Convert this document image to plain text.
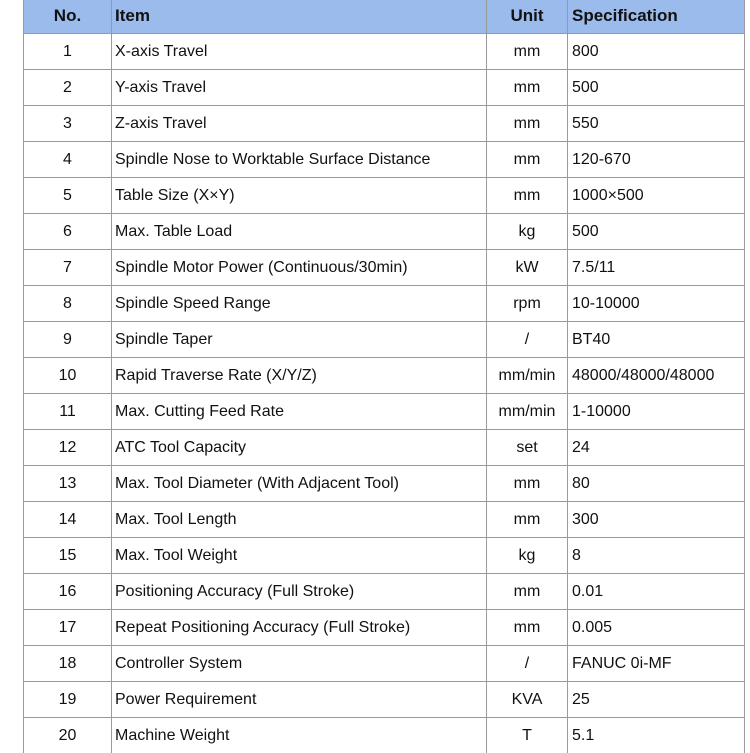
No.	Item	Unit	Specification
1	X-axis Travel	mm	800
2	Y-axis Travel	mm	500
3	Z-axis Travel	mm	550
4	Spindle Nose to Worktable Surface Distance	mm	120-670
5	Table Size (X×Y)	mm	1000×500
6	Max. Table Load	kg	500
7	Spindle Motor Power (Continuous/30min)	kW	7.5/11
8	Spindle Speed Range	rpm	10-10000
9	Spindle Taper	/	BT40
10	Rapid Traverse Rate (X/Y/Z)	mm/min	48000/48000/48000
11	Max. Cutting Feed Rate	mm/min	1-10000
12	ATC Tool Capacity	set	24
13	Max. Tool Diameter (With Adjacent Tool)	mm	80
14	Max. Tool Length	mm	300
15	Max. Tool Weight	kg	8
16	Positioning Accuracy (Full Stroke)	mm	0.01
17	Repeat Positioning Accuracy (Full Stroke)	mm	0.005
18	Controller System	/	FANUC 0i-MF
19	Power Requirement	KVA	25
20	Machine Weight	T	5.1
